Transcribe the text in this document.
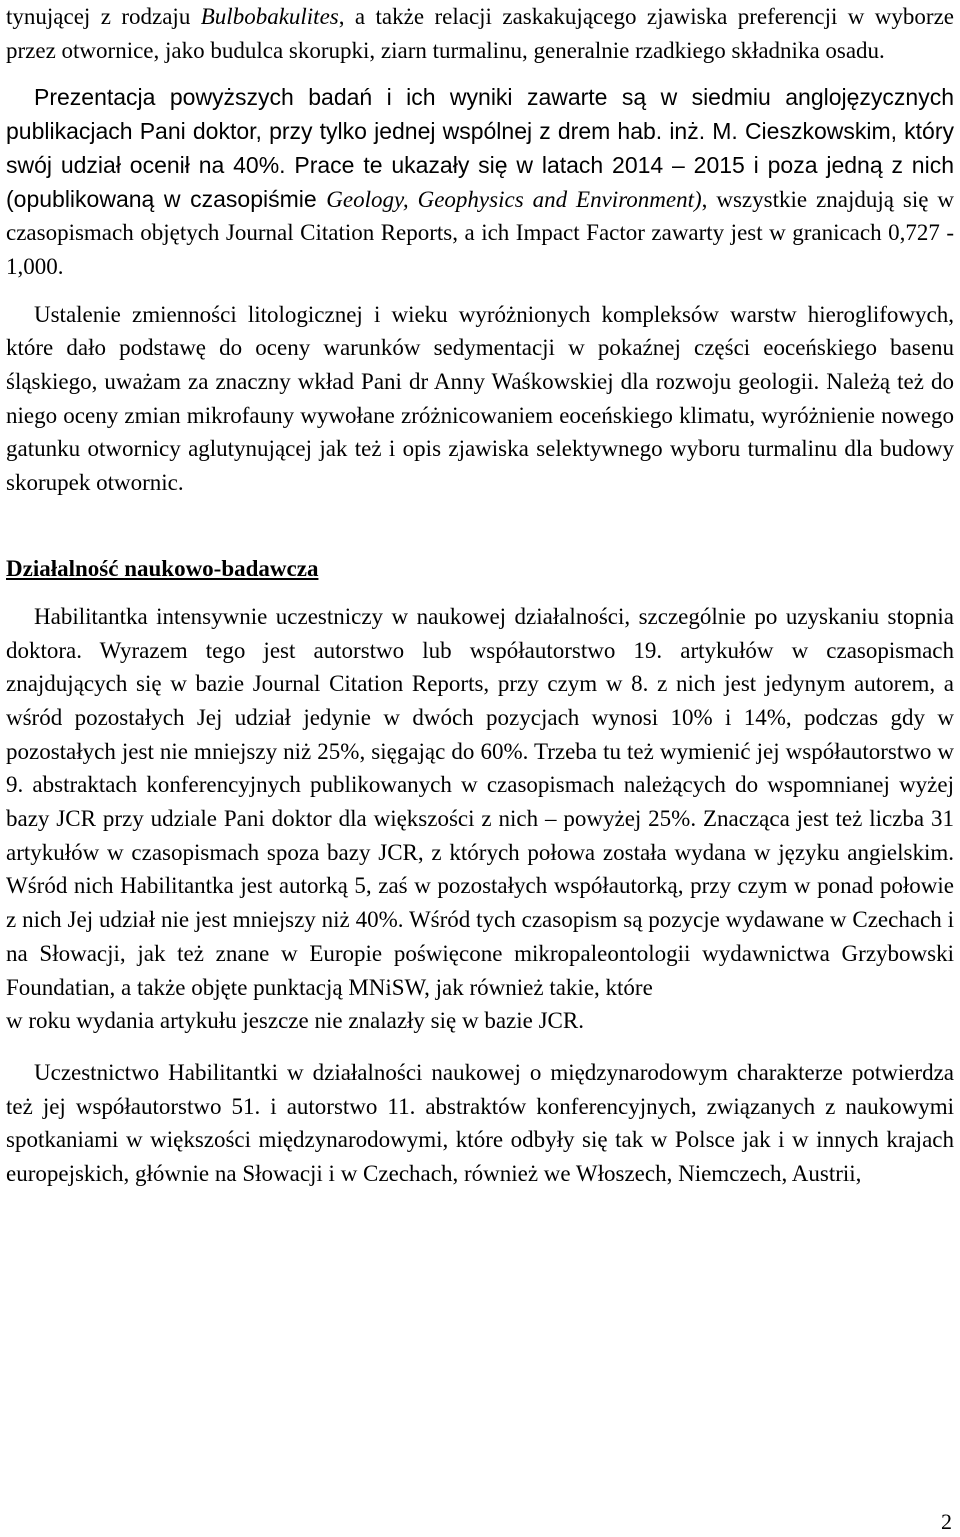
tynującej z rodzaju Bulbobakulites, a także relacji zaskakującego zjawiska preferencji w wyborze przez otwornice, jako budulca skorupki, ziarn turmalinu, generalnie rzadkiego składnika osadu.

Prezentacja powyższych badań i ich wyniki zawarte są w siedmiu anglojęzycznych publikacjach Pani doktor, przy tylko jednej wspólnej z drem hab. inż. M. Cieszkowskim, który swój udział ocenił na 40%. Prace te ukazały się w latach 2014 – 2015 i poza jedną z nich (opublikowaną w czasopiśmie Geology, Geophysics and Environment), wszystkie znajdują się w czasopismach objętych Journal Citation Reports, a ich Impact Factor zawarty jest w granicach 0,727 - 1,000.

Ustalenie zmienności litologicznej i wieku wyróżnionych kompleksów warstw hieroglifowych, które dało podstawę do oceny warunków sedymentacji w pokaźnej części eoceńskiego basenu śląskiego, uważam za znaczny wkład Pani dr Anny Waśkowskiej dla rozwoju geologii. Należą też do niego oceny zmian mikrofauny wywołane zróżnicowaniem eoceńskiego klimatu, wyróżnienie nowego gatunku otwornicy aglutynującej jak też i opis zjawiska selektywnego wyboru turmalinu dla budowy skorupek otwornic.

Działalność naukowo-badawcza

Habilitantka intensywnie uczestniczy w naukowej działalności, szczególnie po uzyskaniu stopnia doktora. Wyrazem tego jest autorstwo lub współautorstwo 19. artykułów w czasopismach znajdujących się w bazie Journal Citation Reports, przy czym w 8. z nich jest jedynym autorem, a wśród pozostałych Jej udział jedynie w dwóch pozycjach wynosi 10% i 14%, podczas gdy w pozostałych jest nie mniejszy niż 25%, sięgając do 60%. Trzeba tu też wymienić jej współautorstwo w 9. abstraktach konferencyjnych publikowanych w czasopismach należących do wspomnianej wyżej bazy JCR przy udziale Pani doktor dla większości z nich – powyżej 25%. Znacząca jest też liczba 31 artykułów w czasopismach spoza bazy JCR, z których połowa została wydana w języku angielskim. Wśród nich Habilitantka jest autorką 5, zaś w pozostałych współautorką, przy czym w ponad połowie z nich Jej udział nie jest mniejszy niż 40%. Wśród tych czasopism są pozycje wydawane w Czechach i na Słowacji, jak też znane w Europie poświęcone mikropaleontologii wydawnictwa Grzybowski Foundatian, a także objęte punktacją MNiSW, jak również takie, które

w roku wydania artykułu jeszcze nie znalazły się w bazie JCR.

Uczestnictwo Habilitantki w działalności naukowej o międzynarodowym charakterze potwierdza też jej współautorstwo 51. i autorstwo 11. abstraktów konferencyjnych, związanych z naukowymi spotkaniami w większości międzynarodowymi, które odbyły się tak w Polsce jak i w innych krajach europejskich, głównie na Słowacji i w Czechach, również we Włoszech, Niemczech, Austrii,

2
